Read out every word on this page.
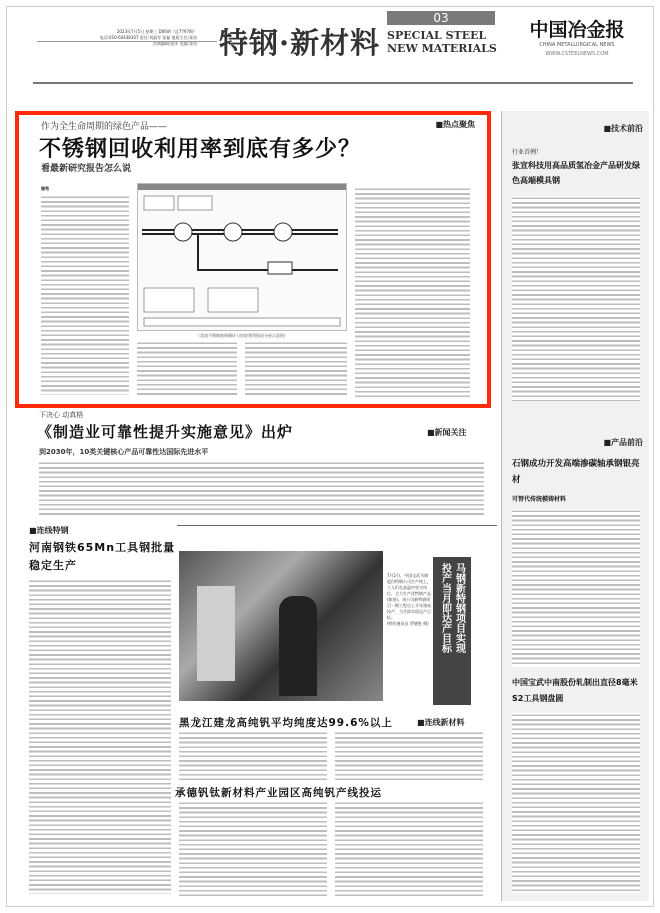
2023年7月5日 星期三 D06期（总7797期）
电话:010-64438107 责任:刘淑军 张磊 值班主任:张雨
咨询编辑:赵萍 美编:金昌 特钢·新材料
03
SPECIAL STEEL
NEW MATERIALS
中国冶金报
CHINA METALLURGICAL NEWS
WWW.CSTEELNEWS.COM
作为全生命周期的绿色产品——	■热点聚焦
不锈钢回收利用率到底有多少？
看最新研究报告怎么说
谢苑
（美国不锈钢废料循环与回收利用情况分析示意图）
下决心 动真格
■新闻关注
《制造业可靠性提升实施意见》出炉
到2030年，10类关键核心产品可靠性达国际先进水平
■连线特钢
河南钢铁65Mn工具钢批量稳定生产
7月2日，中国宝武马钢股份特钢公司生产线上，工人们在高温中坚守岗位，全力生产优特钢产品(如图)。该公司新特钢项目一期工程自上半年建成投产，当月即实现达产目标。
(特约通讯员 罗德胜 摄) 马钢新特钢项目实现
投产当月即达产目标
黑龙江建龙高纯钒平均纯度达99.6%以上	■连线新材料
承德钒钛新材料产业园区高纯钒产线投运
■技术前沿
行业首例！
张宣科技用高品质氢冶金产品研发绿色高端模具钢
■产品前沿
石钢成功开发高端渗碳轴承钢银亮材
可替代传统模铸材料
中国宝武中南股份轧制出直径8毫米S2工具钢盘圆
